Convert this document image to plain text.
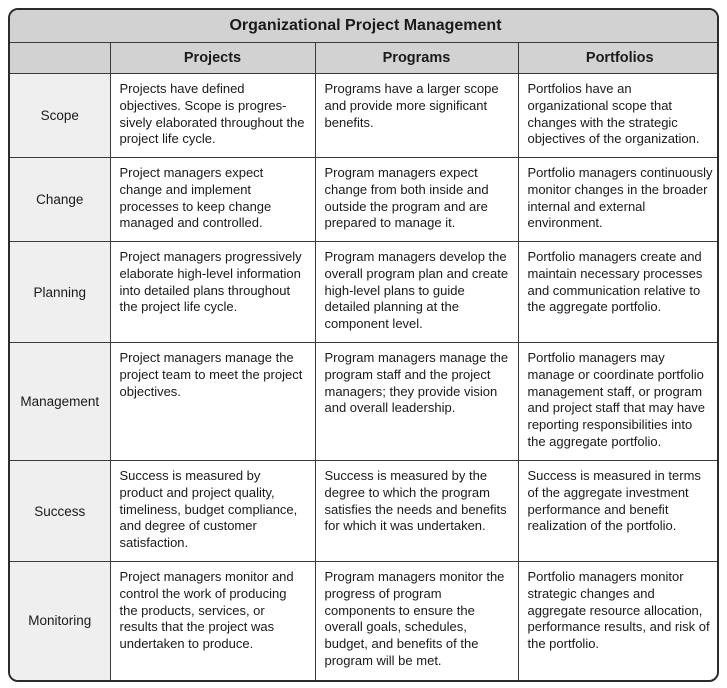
Organizational Project Management			
	Projects	Programs	Portfolios
Scope	Projects have defined objectives. Scope is progres-sively elaborated throughout the project life cycle.	Programs have a larger scope and provide more significant benefits.	Portfolios have an organizational scope that changes with the strategic objectives of the organization.
Change	Project managers expect change and implement processes to keep change managed and controlled.	Program managers expect change from both inside and outside the program and are prepared to manage it.	Portfolio managers continuously monitor changes in the broader internal and external environment.
Planning	Project managers progressively elaborate high-level information into detailed plans throughout the project life cycle.	Program managers develop the overall program plan and create high-level plans to guide detailed planning at the component level.	Portfolio managers create and maintain necessary processes and communication relative to the aggregate portfolio.
Management	Project managers manage the project team to meet the project objectives.	Program managers manage the program staff and the project managers; they provide vision and overall leadership.	Portfolio managers may manage or coordinate portfolio management staff, or program and project staff that may have reporting responsibilities into the aggregate portfolio.
Success	Success is measured by product and project quality, timeliness, budget compliance, and degree of customer satisfaction.	Success is measured by the degree to which the program satisfies the needs and benefits for which it was undertaken.	Success is measured in terms of the aggregate investment performance and benefit realization of the portfolio.
Monitoring	Project managers monitor and control the work of producing the products, services, or results that the project was undertaken to produce.	Program managers monitor the progress of program components to ensure the overall goals, schedules, budget, and benefits of the program will be met.	Portfolio managers monitor strategic changes and aggregate resource allocation, performance results, and risk of the portfolio.
